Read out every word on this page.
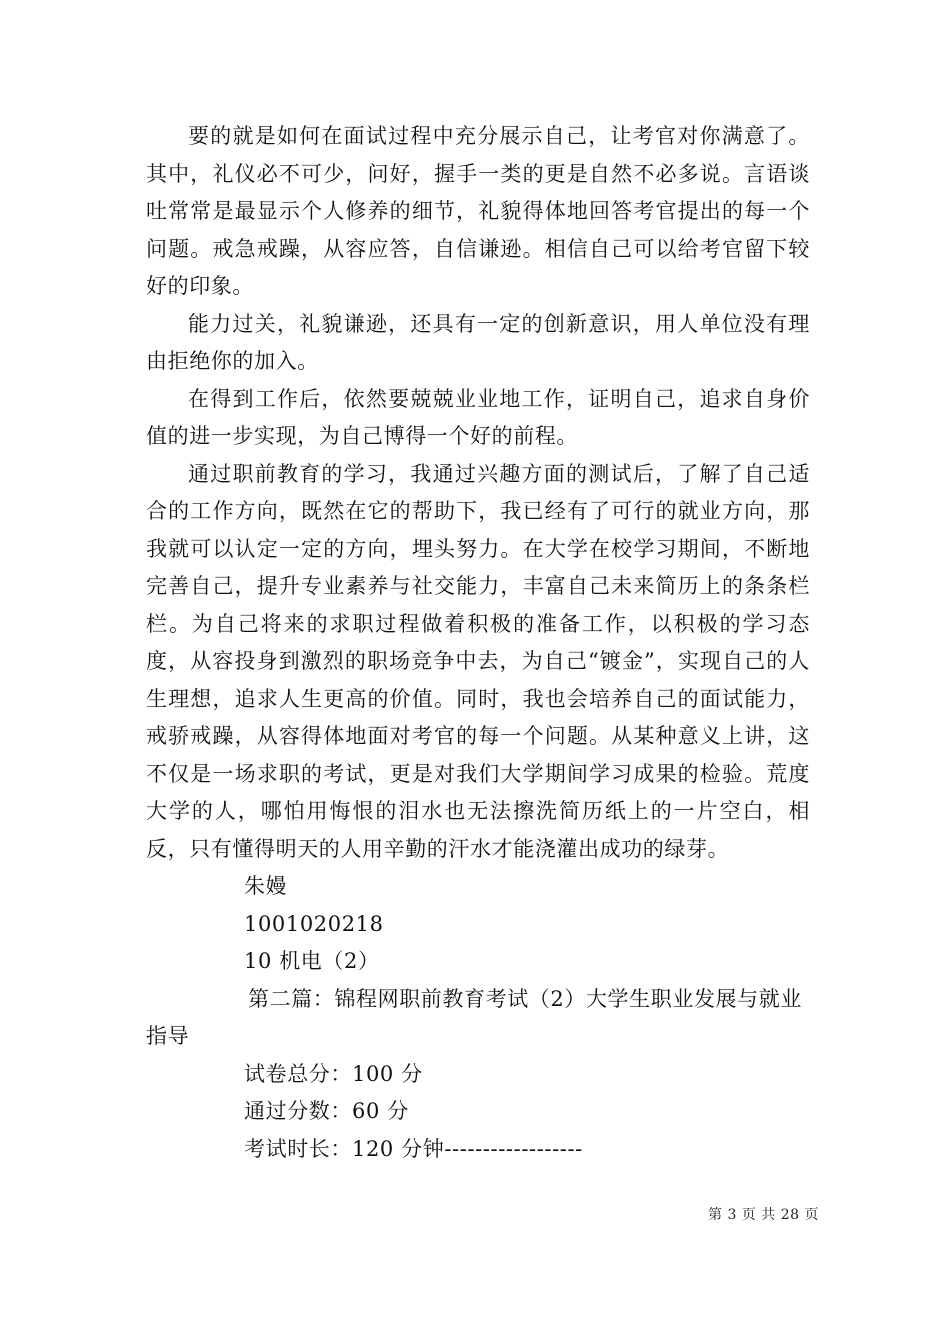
要的就是如何在面试过程中充分展示自己，让考官对你满意了。其中，礼仪必不可少，问好，握手一类的更是自然不必多说。言语谈吐常常是最显示个人修养的细节，礼貌得体地回答考官提出的每一个问题。戒急戒躁，从容应答，自信谦逊。相信自己可以给考官留下较好的印象。

能力过关，礼貌谦逊，还具有一定的创新意识，用人单位没有理由拒绝你的加入。

在得到工作后，依然要兢兢业业地工作，证明自己，追求自身价值的进一步实现，为自己博得一个好的前程。

通过职前教育的学习，我通过兴趣方面的测试后，了解了自己适合的工作方向，既然在它的帮助下，我已经有了可行的就业方向，那我就可以认定一定的方向，埋头努力。在大学在校学习期间，不断地完善自己，提升专业素养与社交能力，丰富自己未来简历上的条条栏栏。为自己将来的求职过程做着积极的准备工作，以积极的学习态度，从容投身到激烈的职场竞争中去，为自己“镀金”，实现自己的人生理想，追求人生更高的价值。同时，我也会培养自己的面试能力，戒骄戒躁，从容得体地面对考官的每一个问题。从某种意义上讲，这不仅是一场求职的考试，更是对我们大学期间学习成果的检验。荒度大学的人，哪怕用悔恨的泪水也无法擦洗简历纸上的一片空白，相反，只有懂得明天的人用辛勤的汗水才能浇灌出成功的绿芽。

朱嫚

1001020218

10 机电（2）

第二篇：锦程网职前教育考试（2）大学生职业发展与就业指导

试卷总分：100 分

通过分数：60 分

考试时长：120 分钟------------------

第 3 页 共 28 页
